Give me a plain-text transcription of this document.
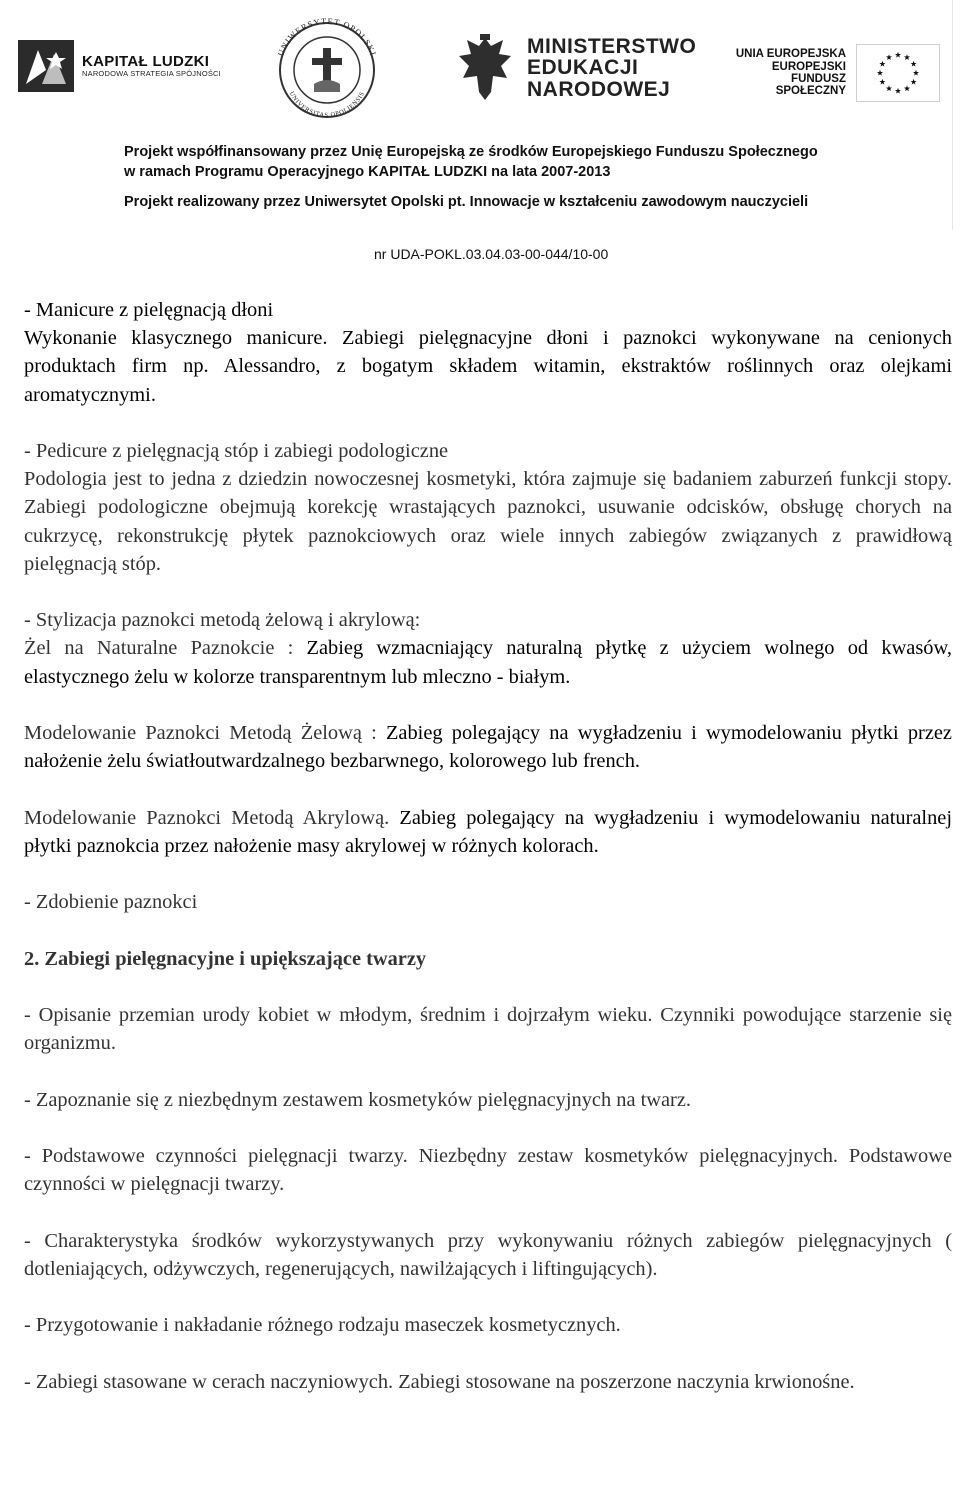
KAPITAŁ LUDZKI
NARODOWA STRATEGIA SPÓJNOŚCI
UNIWERSYTET OPOLSKI
UNIVERSITAS OPOLIENSIS
MINISTERSTWO
EDUKACJI
NARODOWEJ
UNIA EUROPEJSKA
EUROPEJSKI
FUNDUSZ SPOŁECZNY
Projekt współfinansowany przez Unię Europejską ze środków Europejskiego Funduszu Społecznego
w ramach Programu Operacyjnego KAPITAŁ LUDZKI na lata 2007-2013
Projekt realizowany przez Uniwersytet Opolski pt. Innowacje w kształceniu zawodowym nauczycieli
nr UDA-POKL.03.04.03-00-044/10-00

- Manicure z pielęgnacją dłoni

Wykonanie klasycznego manicure. Zabiegi pielęgnacyjne dłoni i paznokci wykonywane na cenionych produktach firm np. Alessandro, z bogatym składem witamin, ekstraktów roślinnych oraz olejkami aromatycznymi.

- Pedicure z pielęgnacją stóp i zabiegi podologiczne

Podologia jest to jedna z dziedzin nowoczesnej kosmetyki, która zajmuje się badaniem zaburzeń funkcji stopy. Zabiegi podologiczne obejmują korekcję wrastających paznokci, usuwanie odcisków, obsługę chorych na cukrzycę, rekonstrukcję płytek paznokciowych oraz wiele innych zabiegów związanych z prawidłową pielęgnacją stóp.

- Stylizacja paznokci metodą żelową i akrylową:

Żel na Naturalne Paznokcie : Zabieg wzmacniający naturalną płytkę z użyciem wolnego od kwasów, elastycznego żelu w kolorze transparentnym lub mleczno - białym.

Modelowanie Paznokci Metodą Żelową : Zabieg polegający na wygładzeniu i wymodelowaniu płytki przez nałożenie żelu światłoutwardzalnego bezbarwnego, kolorowego lub french.

Modelowanie Paznokci Metodą Akrylową. Zabieg polegający na wygładzeniu i wymodelowaniu naturalnej płytki paznokcia przez nałożenie masy akrylowej w różnych kolorach.

- Zdobienie paznokci

2. Zabiegi pielęgnacyjne i upiększające twarzy

- Opisanie przemian urody kobiet w młodym, średnim i dojrzałym wieku. Czynniki powodujące starzenie się organizmu.

- Zapoznanie się z niezbędnym zestawem kosmetyków pielęgnacyjnych na twarz.

- Podstawowe czynności pielęgnacji twarzy. Niezbędny zestaw kosmetyków pielęgnacyjnych. Podstawowe czynności w pielęgnacji twarzy.

- Charakterystyka środków wykorzystywanych przy wykonywaniu różnych zabiegów pielęgnacyjnych ( dotleniających, odżywczych, regenerujących, nawilżających i liftingujących).

- Przygotowanie i nakładanie różnego rodzaju maseczek kosmetycznych.

- Zabiegi stasowane w cerach naczyniowych. Zabiegi stosowane na poszerzone naczynia krwionośne.
